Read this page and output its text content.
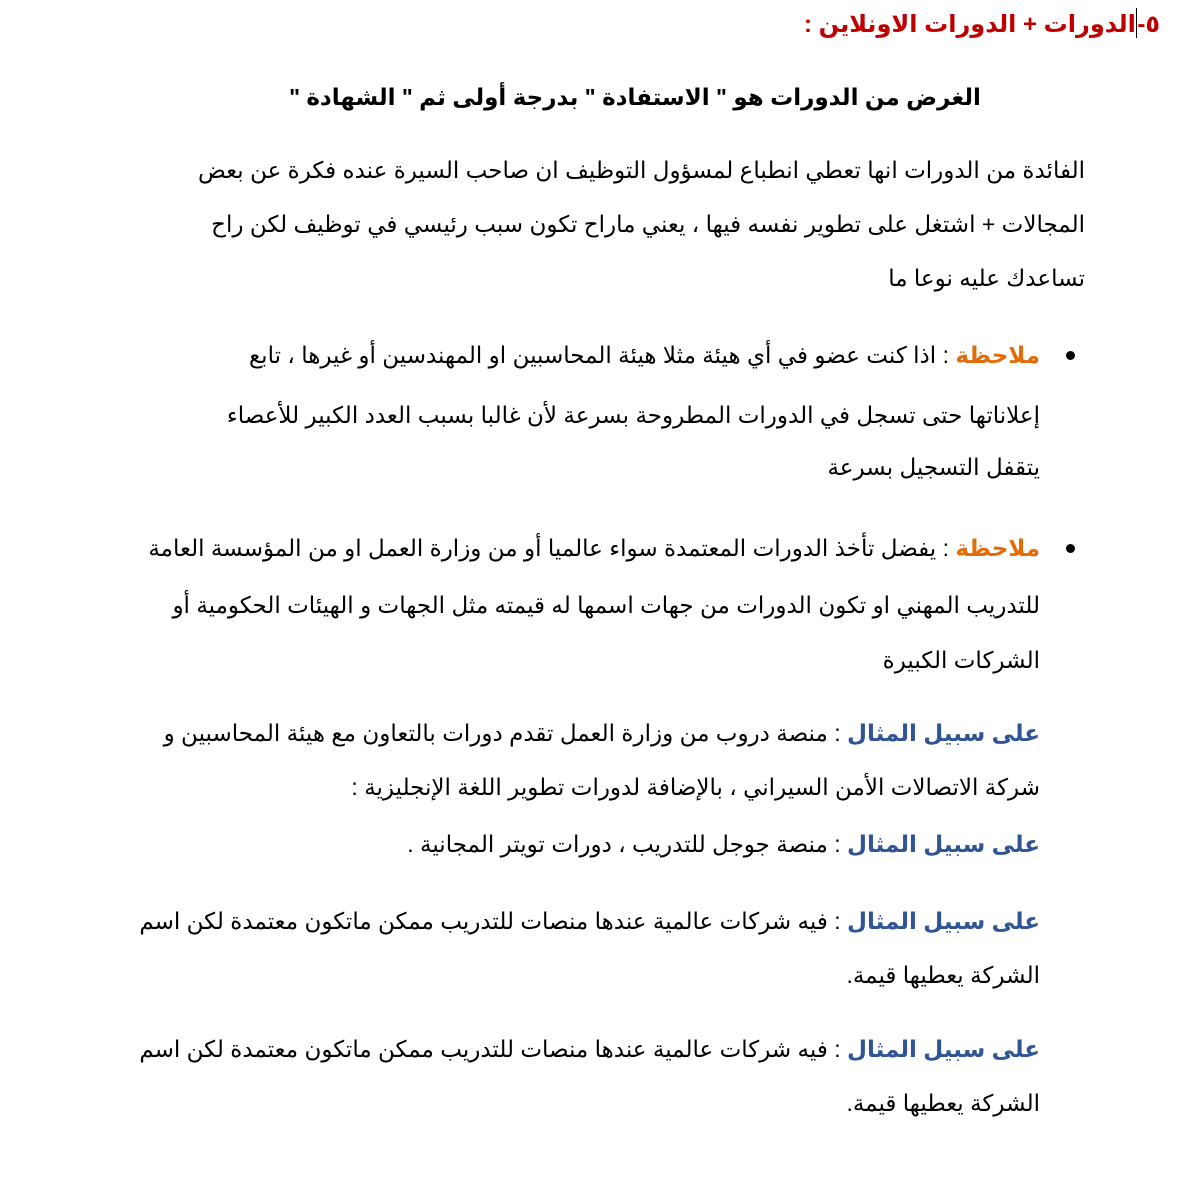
٥-الدورات + الدورات الاونلاين :
الغرض من الدورات هو " الاستفادة " بدرجة أولى ثم " الشهادة "
الفائدة من الدورات انها تعطي انطباع لمسؤول التوظيف ان صاحب السيرة عنده فكرة عن بعض
المجالات + اشتغل على تطوير نفسه فيها ، يعني ماراح تكون سبب رئيسي في توظيف لكن راح
تساعدك عليه نوعا ما
ملاحظة : اذا كنت عضو في أي هيئة مثلا هيئة المحاسبين او المهندسين أو غيرها ، تابع
إعلاناتها حتى تسجل في الدورات المطروحة بسرعة لأن غالبا بسبب العدد الكبير للأعصاء
يتقفل التسجيل بسرعة
ملاحظة : يفضل تأخذ الدورات المعتمدة سواء عالميا أو من وزارة العمل او من المؤسسة العامة
للتدريب المهني او تكون الدورات من جهات اسمها له قيمته مثل الجهات و الهيئات الحكومية أو
الشركات الكبيرة
على سبيل المثال : منصة دروب من وزارة العمل تقدم دورات بالتعاون مع هيئة المحاسبين و
شركة الاتصالات الأمن السيراني ، بالإضافة لدورات تطوير اللغة الإنجليزية :
على سبيل المثال : منصة جوجل للتدريب ، دورات تويتر المجانية .
على سبيل المثال : فيه شركات عالمية عندها منصات للتدريب ممكن ماتكون معتمدة لكن اسم
الشركة يعطيها قيمة.
على سبيل المثال : فيه شركات عالمية عندها منصات للتدريب ممكن ماتكون معتمدة لكن اسم
الشركة يعطيها قيمة.
